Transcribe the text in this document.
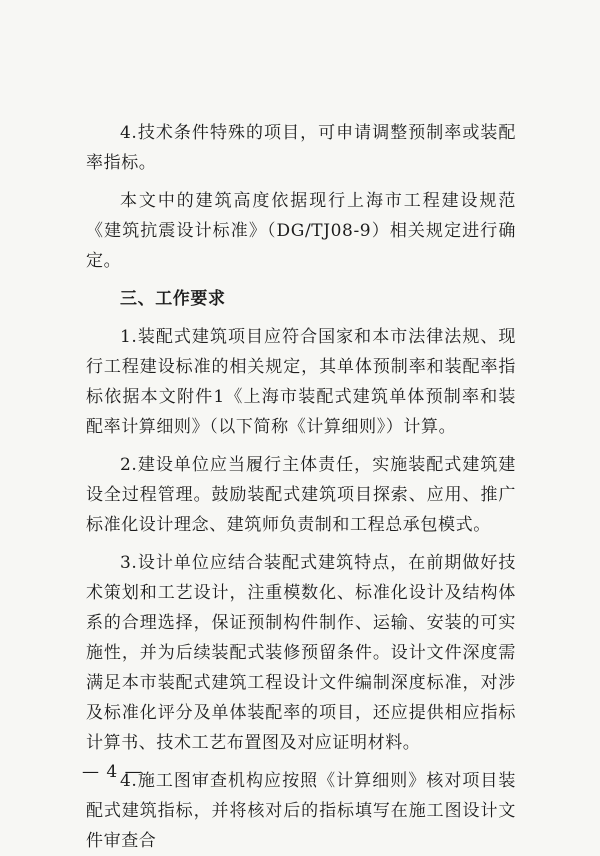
4.技术条件特殊的项目，可申请调整预制率或装配率指标。

本文中的建筑高度依据现行上海市工程建设规范《建筑抗震设计标准》（DG/TJ08-9）相关规定进行确定。

三、工作要求

1.装配式建筑项目应符合国家和本市法律法规、现行工程建设标准的相关规定，其单体预制率和装配率指标依据本文附件1《上海市装配式建筑单体预制率和装配率计算细则》（以下简称《计算细则》）计算。

2.建设单位应当履行主体责任，实施装配式建筑建设全过程管理。鼓励装配式建筑项目探索、应用、推广标准化设计理念、建筑师负责制和工程总承包模式。

3.设计单位应结合装配式建筑特点，在前期做好技术策划和工艺设计，注重模数化、标准化设计及结构体系的合理选择，保证预制构件制作、运输、安装的可实施性，并为后续装配式装修预留条件。设计文件深度需满足本市装配式建筑工程设计文件编制深度标准，对涉及标准化评分及单体装配率的项目，还应提供相应指标计算书、技术工艺布置图及对应证明材料。

4.施工图审查机构应按照《计算细则》核对项目装配式建筑指标，并将核对后的指标填写在施工图设计文件审查合

— 4 —
